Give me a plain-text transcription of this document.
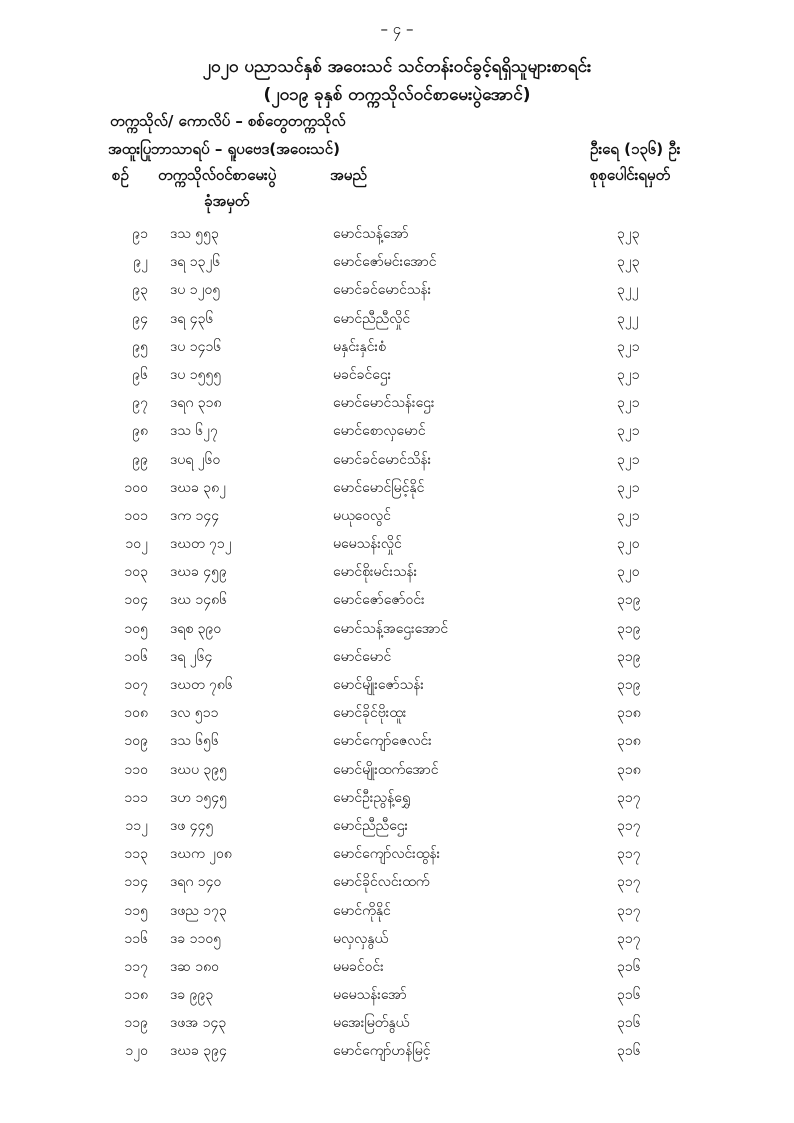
– ၄ –
၂၀၂၀ ပညာသင်နှစ် အဝေးသင် သင်တန်းဝင်ခွင့်ရရှိသူများစာရင်း
(၂၀၁၉ ခုနှစ် တက္ကသိုလ်ဝင်စာမေးပွဲအောင်)
တက္ကသိုလ်/ ကောလိပ် – စစ်တွေတက္ကသိုလ်
အထူးပြုဘာသာရပ် – ရူပဗေဒ(အဝေးသင်)	ဦးရေ (၁၃၆) ဦး
စဉ် တက္ကသိုလ်ဝင်စာမေးပွဲ
ခုံအမှတ်
အမည်	စုစုပေါင်းရမှတ်
၉၁ ဒသ ၅၅၃	မောင်သန့်အော်	၃၂၃
၉၂ ဒရ ၁၃၂၆	မောင်ဇော်မင်းအောင်	၃၂၃
၉၃ ဒပ ၁၂၀၅	မောင်ခင်မောင်သန်း	၃၂၂
၉၄ ဒရ ၄၃၆	မောင်ညီညီလှိုင်	၃၂၂
၉၅ ဒပ ၁၄၁၆	မနှင်းနှင်းစံ	၃၂၁
၉၆ ဒပ ၁၅၅၅	မခင်ခင်ဌေး	၃၂၁
၉၇ ဒရဂ ၃၁၈	မောင်မောင်သန်းဌေး	၃၂၁
၉၈ ဒသ ၆၂၇	မောင်စောလှမောင်	၃၂၁
၉၉ ဒပရ ၂၆၀	မောင်ခင်မောင်သိန်း	၃၂၁
၁၀၀ ဒဃခ ၃၈၂	မောင်မောင်မြင့်နိုင်	၃၂၁
၁၀၁ ဒက ၁၄၄	မယုဝေလွင်	၃၂၁
၁၀၂ ဒဃတ ၇၁၂	မမေသန်းလှိုင်	၃၂၀
၁၀၃ ဒဃခ ၄၅၉	မောင်စိုးမင်းသန်း	၃၂၀
၁၀၄ ဒဃ ၁၄၈၆	မောင်ဇော်ဇော်ဝင်း	၃၁၉
၁၀၅ ဒရစ ၃၉၀	မောင်သန့်အဌေးအောင်	၃၁၉
၁၀၆ ဒရ ၂၆၄	မောင်မောင်	၃၁၉
၁၀၇ ဒဃတ ၇၈၆	မောင်မျိုးဇော်သန်း	၃၁၉
၁၀၈ ဒလ ၅၁၁	မောင်ခိုင်ဗိုးထူး	၃၁၈
၁၀၉ ဒသ ၆၅၆	မောင်ကျော်ဇေလင်း	၃၁၈
၁၁၀ ဒဃပ ၃၉၅	မောင်မျိုးထက်အောင်	၃၁၈
၁၁၁ ဒဟ ၁၅၄၅	မောင်ဦးညွန့်ရွှေ	၃၁၇
၁၁၂ ဒဖ ၄၄၅	မောင်ညီညီဌေး	၃၁၇
၁၁၃ ဒဃက ၂၀၈	မောင်ကျော်လင်းထွန်း	၃၁၇
၁၁၄ ဒရဂ ၁၄၀	မောင်ခိုင်လင်းထက်	၃၁၇
၁၁၅ ဒဖည ၁၇၃	မောင်ကိုနိုင်	၃၁၇
၁၁၆ ဒခ ၁၁၀၅	မလှလှနွယ်	၃၁၇
၁၁၇ ဒဆ ၁၈၀	မမခင်ဝင်း	၃၁၆
၁၁၈ ဒခ ၉၉၃	မမေသန်းအော်	၃၁၆
၁၁၉ ဒဖအ ၁၄၃	မအေးမြတ်နွယ်	၃၁၆
၁၂၀ ဒဃခ ၃၉၄	မောင်ကျော်ဟန်မြင့်	၃၁၆
